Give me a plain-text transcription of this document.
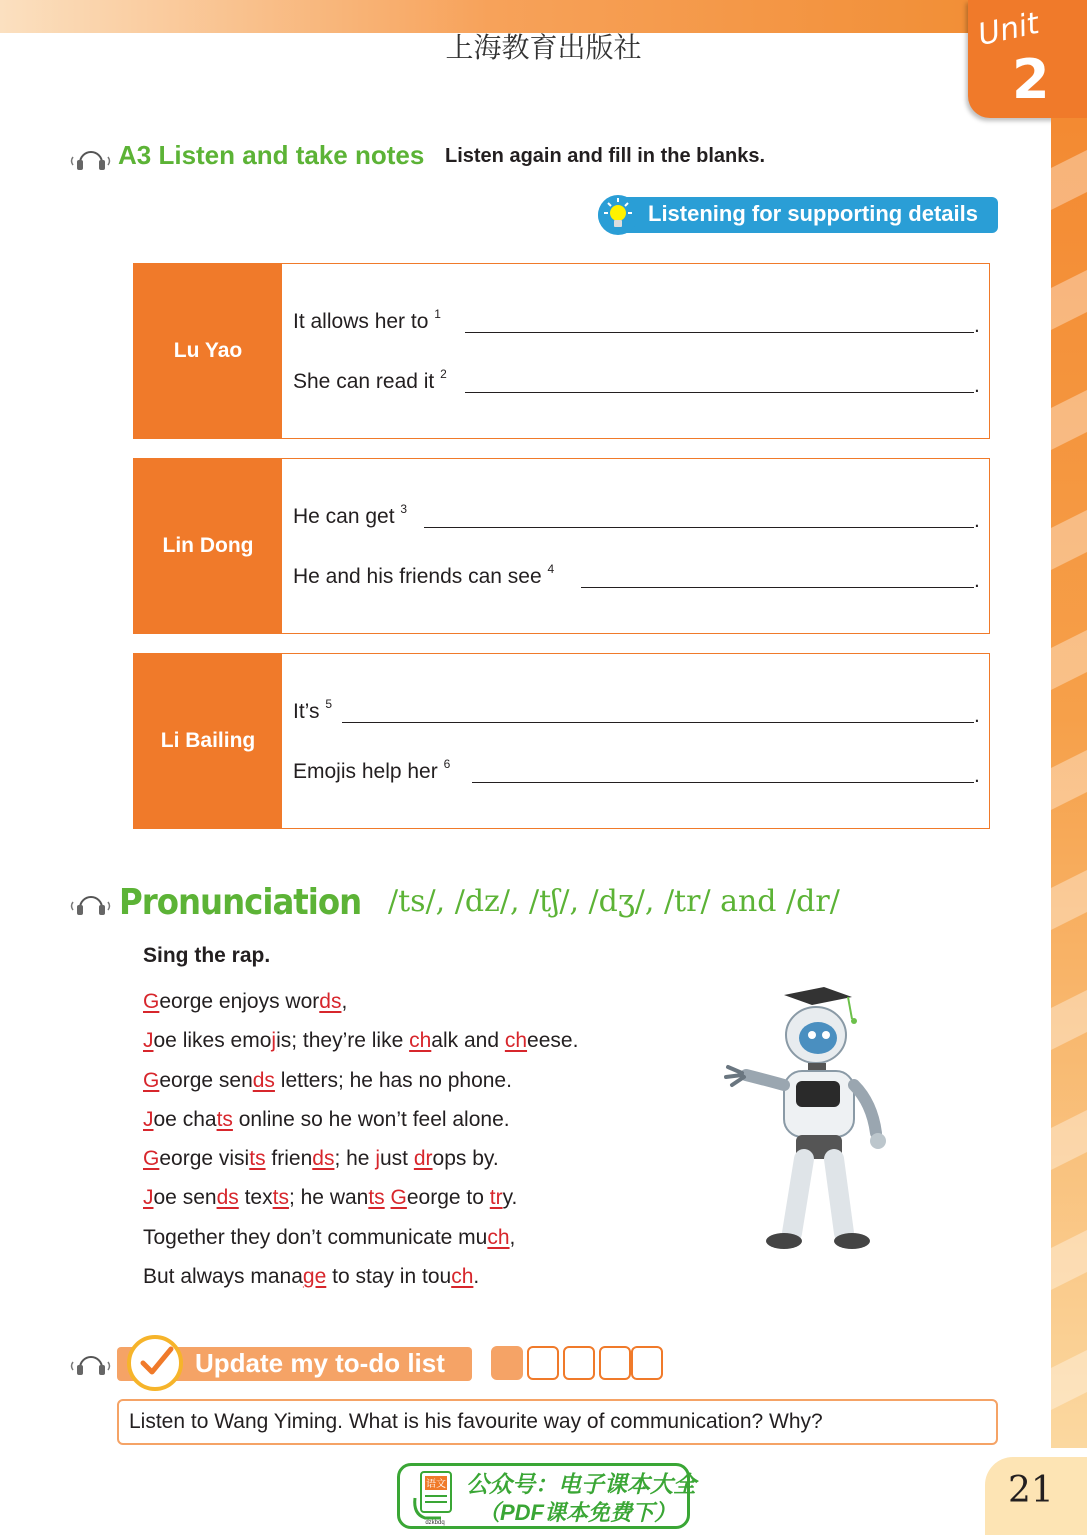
上海教育出版社	Unit
2
A3 Listen and take notes Listen again and fill in the blanks.
Listening for supporting details
Lu Yao
It allows her to $^1$	.
She can read it $^2$	.
Lin Dong
He can get $^3$	.
He and his friends can see $^4$	.
Li Bailing
It’s $^5$	.
Emojis help her $^6$	.
Pronunciation /ts/, /dz/, /tʃ/, /dʒ/, /tr/ and /dr/
Sing the rap.
George enjoys words,
Joe likes emojis; they’re like chalk and cheese.
George sends letters; he has no phone.
Joe chats online so he won’t feel alone.
George visits friends; he just drops by.
Joe sends texts; he wants George to try.
Together they don’t communicate much,
But always manage to stay in touch.
Update my to-do list
Listen to Wang Yiming. What is his favourite way of communication? Why?
语文
dzkbdq
公众号：电子课本大全
（PDF课本免费下）
21
